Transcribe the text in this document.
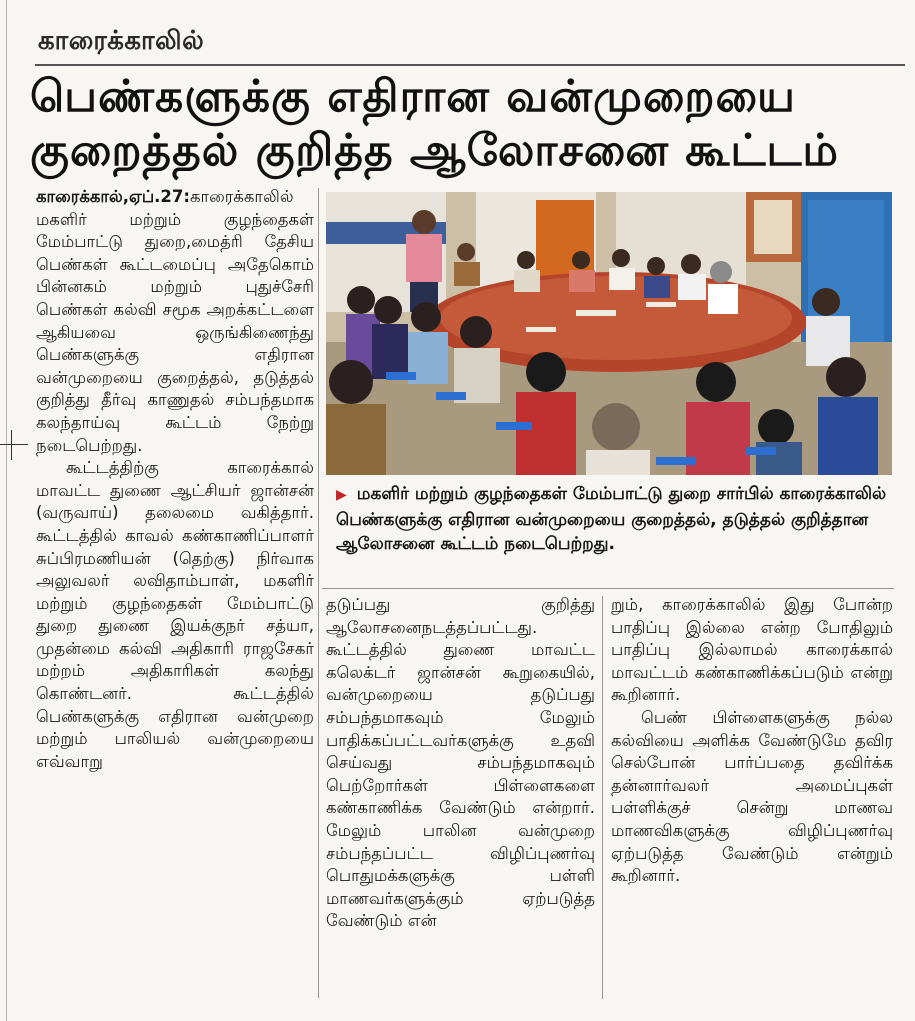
காரைக்காலில்
பெண்களுக்கு எதிரான வன்முறையை
குறைத்தல் குறித்த ஆலோசனை கூட்டம்

காரைக்கால்,ஏப்.27:காரைக்காலில் மகளிர் மற்றும் குழந்தைகள் மேம்பாட்டு துறை,மைத்ரி தேசிய பெண்கள் கூட்டமைப்பு அதேகொம் பின்னகம் மற்றும் புதுச்சேரி பெண்கள் கல்வி சமூக அறக்கட்டளை ஆகியவை ஒருங்கிணைந்து பெண்களுக்கு எதிரான வன்முறையை குறைத்தல், தடுத்தல் குறித்து தீர்வு காணுதல் சம்பந்தமாக கலந்தாய்வு கூட்டம் நேற்று நடைபெற்றது.

கூட்டத்திற்கு காரைக்கால் மாவட்ட துணை ஆட்சியர் ஜான்சன் (வருவாய்) தலைமை வகித்தார். கூட்டத்தில் காவல் கண்காணிப்பாளர் சுப்பிரமணியன் (தெற்கு) நிர்வாக அலுவலர் லவிதாம்பாள், மகளிர் மற்றும் குழந்தைகள் மேம்பாட்டு துறை துணை இயக்குநர் சத்யா, முதன்மை கல்வி அதிகாரி ராஜசேகர் மற்றம் அதிகாரிகள் கலந்து கொண்டனர். கூட்டத்தில் பெண்களுக்கு எதிரான வன்முறை மற்றும் பாலியல் வன்முறையை எவ்வாறு

▶ மகளிர் மற்றும் குழந்தைகள் மேம்பாட்டு துறை சார்பில் காரைக்காலில் பெண்களுக்கு எதிரான வன்முறையை குறைத்தல், தடுத்தல் குறித்தான ஆலோசனை கூட்டம் நடைபெற்றது.

தடுப்பது குறித்து ஆலோசனைநடத்தப்பட்டது. கூட்டத்தில் துணை மாவட்ட கலெக்டர் ஜான்சன் கூறுகையில், வன்முறையை தடுப்பது சம்பந்தமாகவும் மேலும் பாதிக்கப்பட்டவர்களுக்கு உதவி செய்வது சம்பந்தமாகவும் பெற்றோர்கள் பிள்ளைகளை கண்காணிக்க வேண்டும் என்றார். மேலும் பாலின வன்முறை சம்பந்தப்பட்ட விழிப்புணர்வு பொதுமக்களுக்கு பள்ளி மாணவர்களுக்கும் ஏற்படுத்த வேண்டும் என்

றும், காரைக்காலில் இது போன்ற பாதிப்பு இல்லை என்ற போதிலும் பாதிப்பு இல்லாமல் காரைக்கால் மாவட்டம் கண்காணிக்கப்படும் என்று கூறினார்.

பெண் பிள்ளைகளுக்கு நல்ல கல்வியை அளிக்க வேண்டுமே தவிர செல்போன் பார்ப்பதை தவிர்க்க தன்னார்வலர் அமைப்புகள் பள்ளிக்குச் சென்று மாணவ மாணவிகளுக்கு விழிப்புணர்வு ஏற்படுத்த வேண்டும் என்றும் கூறினார்.
